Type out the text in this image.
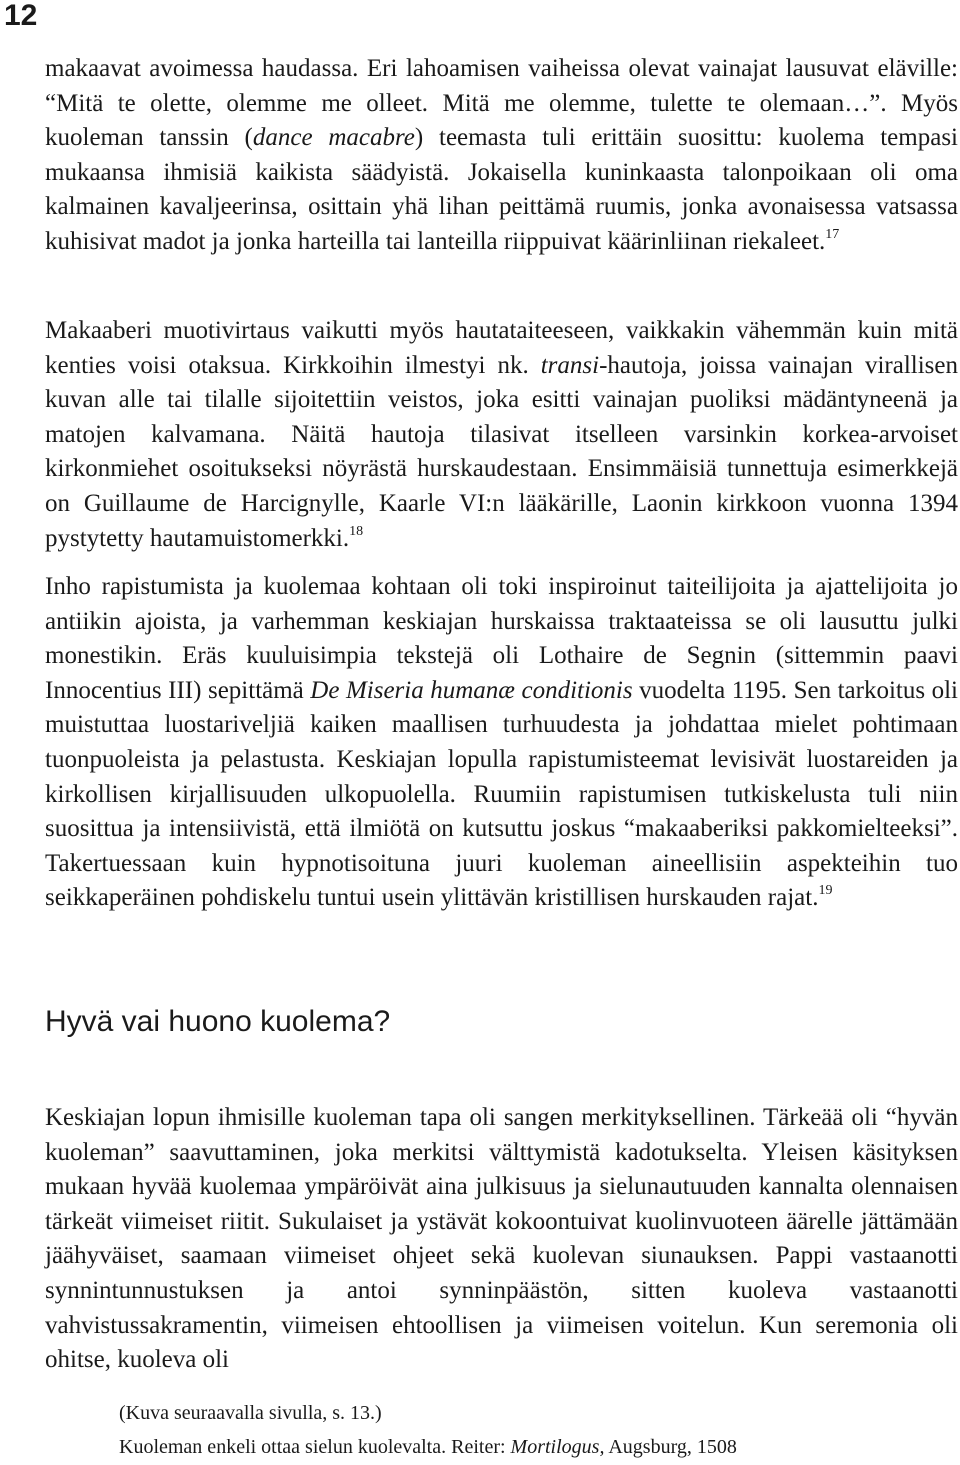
12

makaavat avoimessa haudassa. Eri lahoamisen vaiheissa olevat vainajat lausuvat eläville: “Mitä te olette, olemme me olleet. Mitä me olemme, tulette te olemaan…”. Myös kuoleman tanssin (dance macabre) teemasta tuli erittäin suosittu: kuolema tempasi mukaansa ihmisiä kaikista säädyistä. Jokaisella kuninkaasta talonpoikaan oli oma kalmainen kavaljeerinsa, osittain yhä lihan peittämä ruumis, jonka avonaisessa vatsassa kuhisivat madot ja jonka harteilla tai lanteilla riippuivat käärinliinan riekaleet.$^{17}$

Makaaberi muotivirtaus vaikutti myös hautataiteeseen, vaikkakin vähemmän kuin mitä kenties voisi otaksua. Kirkkoihin ilmestyi nk. transi-hautoja, joissa vainajan virallisen kuvan alle tai tilalle sijoitettiin veistos, joka esitti vainajan puoliksi mädäntyneenä ja matojen kalvamana. Näitä hautoja tilasivat itselleen varsinkin korkea-arvoiset kirkonmiehet osoitukseksi nöyrästä hurskaudestaan. Ensimmäisiä tunnettuja esimerkkejä on Guillaume de Harcignylle, Kaarle VI:n lääkärille, Laonin kirkkoon vuonna 1394 pystytetty hautamuistomerkki.$^{18}$

Inho rapistumista ja kuolemaa kohtaan oli toki inspiroinut taiteilijoita ja ajattelijoita jo antiikin ajoista, ja varhemman keskiajan hurskaissa traktaateissa se oli lausuttu julki monestikin. Eräs kuuluisimpia tekstejä oli Lothaire de Segnin (sittemmin paavi Innocentius III) sepittämä De Miseria humanæ conditionis vuodelta 1195. Sen tarkoitus oli muistuttaa luostariveljiä kaiken maallisen turhuudesta ja johdattaa mielet pohtimaan tuonpuoleista ja pelastusta. Keskiajan lopulla rapistumisteemat levisivät luostareiden ja kirkollisen kirjallisuuden ulkopuolella. Ruumiin rapistumisen tutkiskelusta tuli niin suosittua ja intensiivistä, että ilmiötä on kutsuttu joskus “makaaberiksi pakkomielteeksi”. Takertuessaan kuin hypnotisoituna juuri kuoleman aineellisiin aspekteihin tuo seikkaperäinen pohdiskelu tuntui usein ylittävän kristillisen hurskauden rajat.$^{19}$

Hyvä vai huono kuolema?

Keskiajan lopun ihmisille kuoleman tapa oli sangen merkityksellinen. Tärkeää oli “hyvän kuoleman” saavuttaminen, joka merkitsi välttymistä kadotukselta. Yleisen käsityksen mukaan hyvää kuolemaa ympäröivät aina julkisuus ja sielunautuuden kannalta olennaisen tärkeät viimeiset riitit. Sukulaiset ja ystävät kokoontuivat kuolinvuoteen äärelle jättämään jäähyväiset, saamaan viimeiset ohjeet sekä kuolevan siunauksen. Pappi vastaanotti synnintunnustuksen ja antoi synninpäästön, sitten kuoleva vastaanotti vahvistussakramentin, viimeisen ehtoollisen ja viimeisen voitelun. Kun seremonia oli ohitse, kuoleva oli

(Kuva seuraavalla sivulla, s. 13.)

Kuoleman enkeli ottaa sielun kuolevalta. Reiter: Mortilogus, Augsburg, 1508
